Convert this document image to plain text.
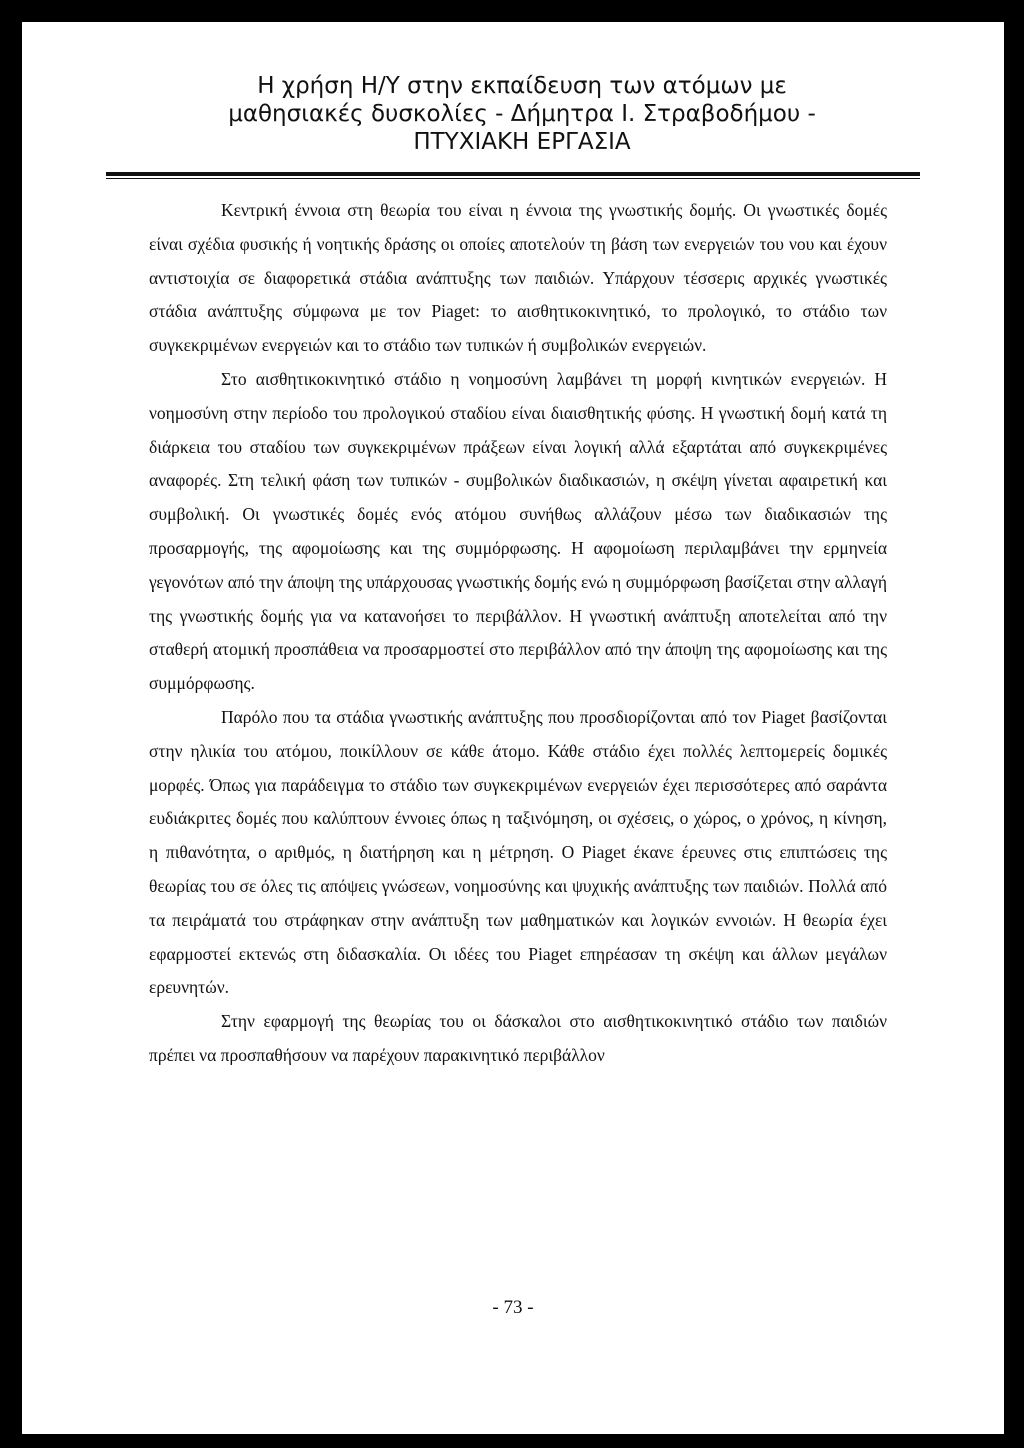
Η χρήση Η/Υ στην εκπαίδευση των ατόμων με
μαθησιακές δυσκολίες - Δήμητρα Ι. Στραβοδήμου -
ΠΤΥΧΙΑΚΗ ΕΡΓΑΣΙΑ

Κεντρική έννοια στη θεωρία του είναι η έννοια της γνωστικής δομής. Οι γνωστικές δομές είναι σχέδια φυσικής ή νοητικής δράσης οι οποίες αποτελούν τη βάση των ενεργειών του νου και έχουν αντιστοιχία σε διαφορετικά στάδια ανάπτυξης των παιδιών. Υπάρχουν τέσσερις αρχικές γνωστικές στάδια ανάπτυξης σύμφωνα με τον Piaget: το αισθητικοκινητικό, το προλογικό, το στάδιο των συγκεκριμένων ενεργειών και το στάδιο των τυπικών ή συμβολικών ενεργειών.

Στο αισθητικοκινητικό στάδιο η νοημοσύνη λαμβάνει τη μορφή κινητικών ενεργειών. Η νοημοσύνη στην περίοδο του προλογικού σταδίου είναι διαισθητικής φύσης. Η γνωστική δομή κατά τη διάρκεια του σταδίου των συγκεκριμένων πράξεων είναι λογική αλλά εξαρτάται από συγκεκριμένες αναφορές. Στη τελική φάση των τυπικών - συμβολικών διαδικασιών, η σκέψη γίνεται αφαιρετική και συμβολική. Οι γνωστικές δομές ενός ατόμου συνήθως αλλάζουν μέσω των διαδικασιών της προσαρμογής, της αφομοίωσης και της συμμόρφωσης. Η αφομοίωση περιλαμβάνει την ερμηνεία γεγονότων από την άποψη της υπάρχουσας γνωστικής δομής ενώ η συμμόρφωση βασίζεται στην αλλαγή της γνωστικής δομής για να κατανοήσει το περιβάλλον. Η γνωστική ανάπτυξη αποτελείται από την σταθερή ατομική προσπάθεια να προσαρμοστεί στο περιβάλλον από την άποψη της αφομοίωσης και της συμμόρφωσης.

Παρόλο που τα στάδια γνωστικής ανάπτυξης που προσδιορίζονται από τον Piaget βασίζονται στην ηλικία του ατόμου, ποικίλλουν σε κάθε άτομο. Κάθε στάδιο έχει πολλές λεπτομερείς δομικές μορφές. Όπως για παράδειγμα το στάδιο των συγκεκριμένων ενεργειών έχει περισσότερες από σαράντα ευδιάκριτες δομές που καλύπτουν έννοιες όπως η ταξινόμηση, οι σχέσεις, ο χώρος, ο χρόνος, η κίνηση, η πιθανότητα, ο αριθμός, η διατήρηση και η μέτρηση. Ο Piaget έκανε έρευνες στις επιπτώσεις της θεωρίας του σε όλες τις απόψεις γνώσεων, νοημοσύνης και ψυχικής ανάπτυξης των παιδιών. Πολλά από τα πειράματά του στράφηκαν στην ανάπτυξη των μαθηματικών και λογικών εννοιών. Η θεωρία έχει εφαρμοστεί εκτενώς στη διδασκαλία. Οι ιδέες του Piaget επηρέασαν τη σκέψη και άλλων μεγάλων ερευνητών.

Στην εφαρμογή της θεωρίας του οι δάσκαλοι στο αισθητικοκινητικό στάδιο των παιδιών πρέπει να προσπαθήσουν να παρέχουν παρακινητικό περιβάλλον

- 73 -
